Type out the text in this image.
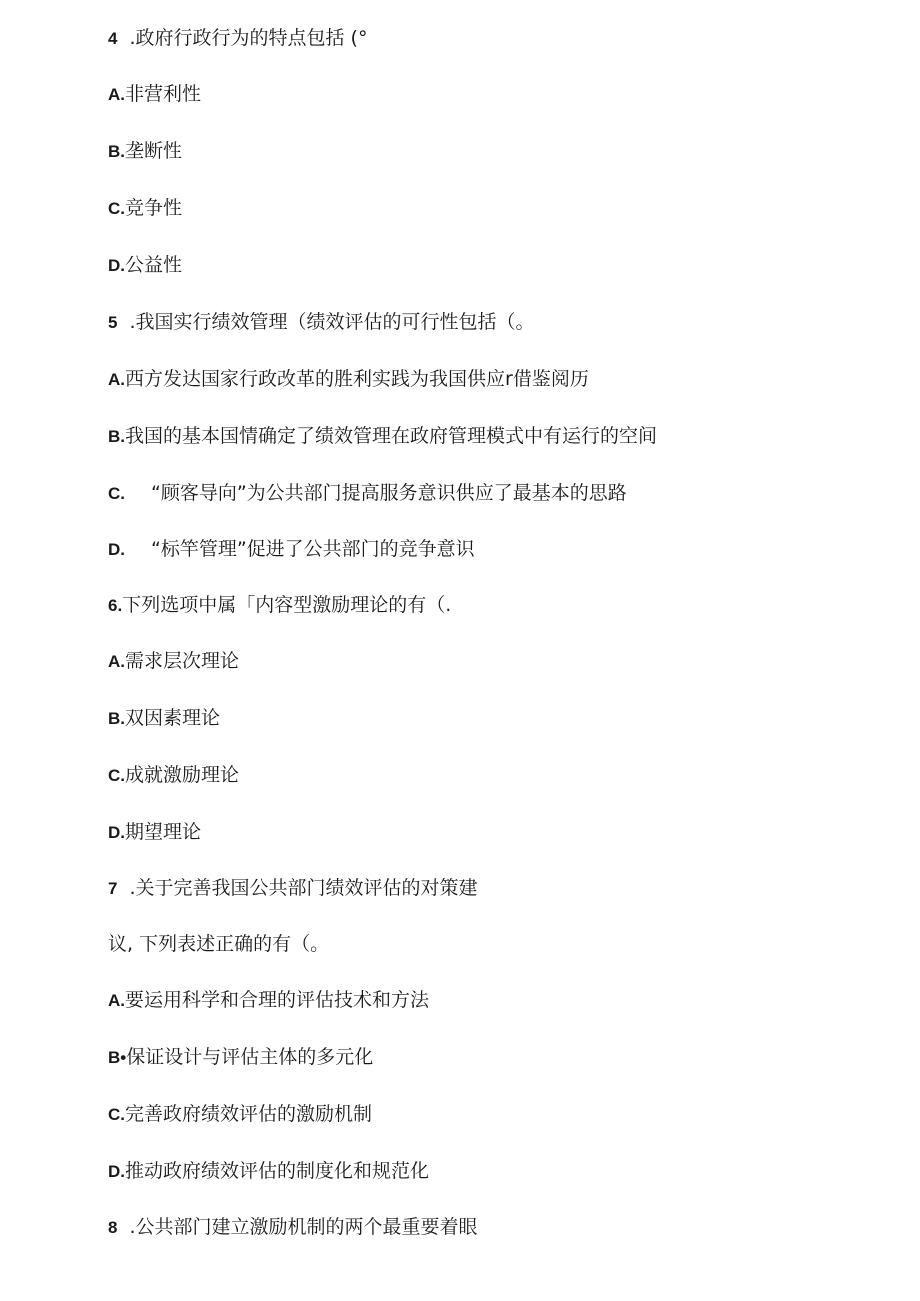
4 .政府行政行为的特点包括 (°
A.非营利性
B.垄断性
C.竞争性
D.公益性
5 .我国实行绩效管理（绩效评估的可行性包括（。
A.西方发达国家行政改革的胜利实践为我国供应r借鉴阅历
B.我国的基本国情确定了绩效管理在政府管理模式中有运行的空间
C. “顾客导向”为公共部门提高服务意识供应了最基本的思路
D. “标竿管理”促进了公共部门的竞争意识
6.下列选项中属「内容型激励理论的有（.
A.需求层次理论
B.双因素理论
C.成就激励理论
D.期望理论
7 .关于完善我国公共部门绩效评估的对策建
议, 下列表述正确的有（。
A.要运用科学和合理的评估技术和方法
B•保证设计与评估主体的多元化
C.完善政府绩效评估的激励机制
D.推动政府绩效评估的制度化和规范化
8 .公共部门建立激励机制的两个最重要着眼
